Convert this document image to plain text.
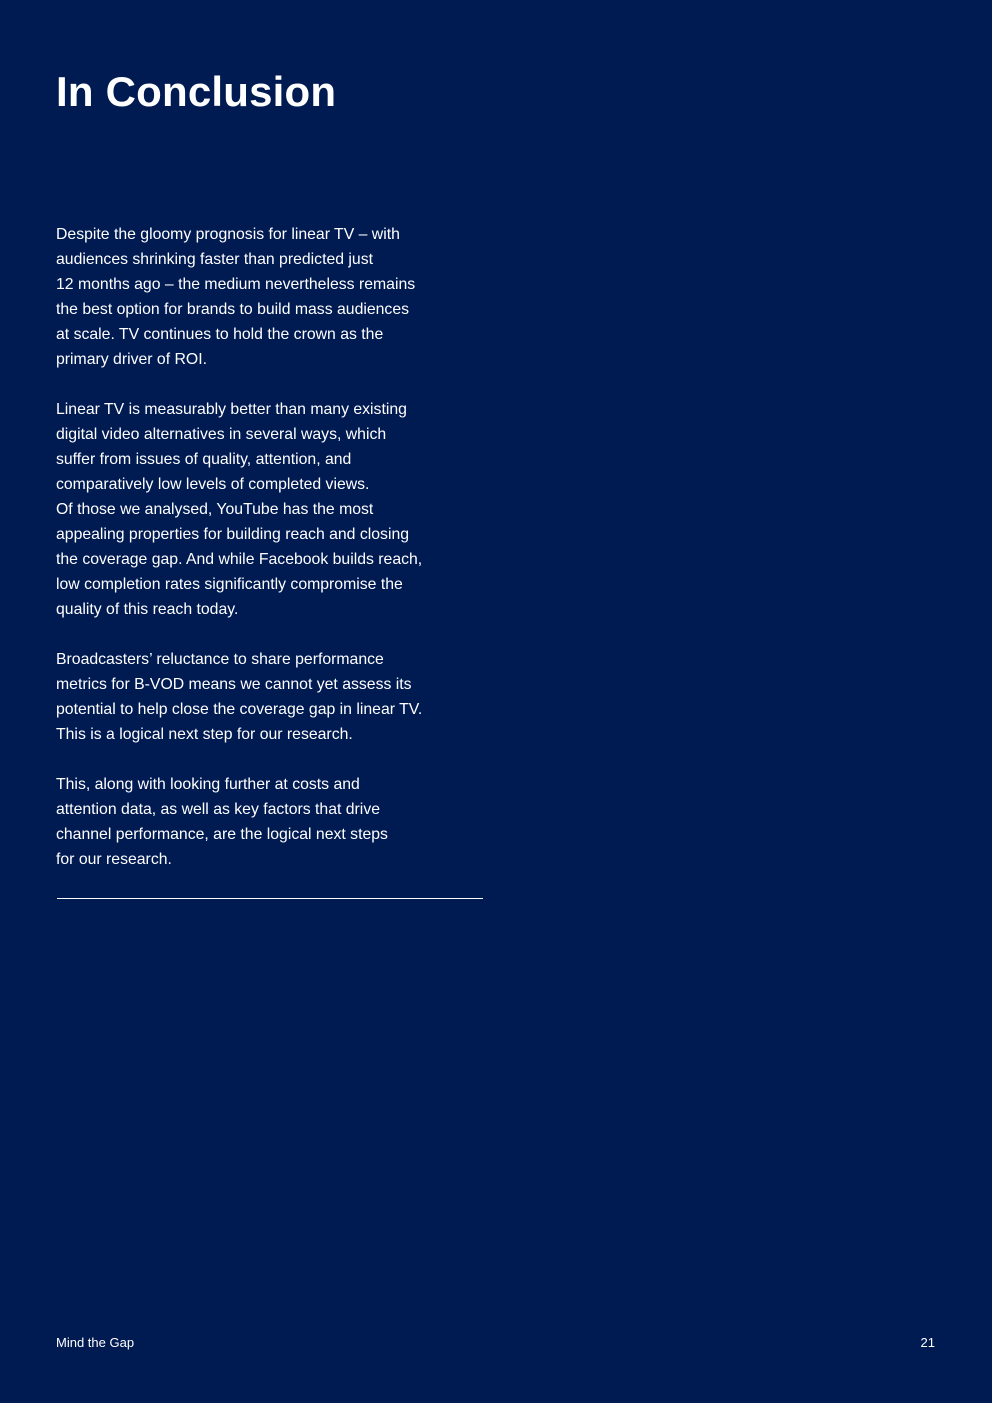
In Conclusion

Despite the gloomy prognosis for linear TV – with
audiences shrinking faster than predicted just
12 months ago – the medium nevertheless remains
the best option for brands to build mass audiences
at scale. TV continues to hold the crown as the
primary driver of ROI.

Linear TV is measurably better than many existing
digital video alternatives in several ways, which
suffer from issues of quality, attention, and
comparatively low levels of completed views.
Of those we analysed, YouTube has the most
appealing properties for building reach and closing
the coverage gap. And while Facebook builds reach,
low completion rates significantly compromise the
quality of this reach today.

Broadcasters’ reluctance to share performance
metrics for B-VOD means we cannot yet assess its
potential to help close the coverage gap in linear TV.
This is a logical next step for our research.

This, along with looking further at costs and
attention data, as well as key factors that drive
channel performance, are the logical next steps
for our research.

Mind the Gap	21
